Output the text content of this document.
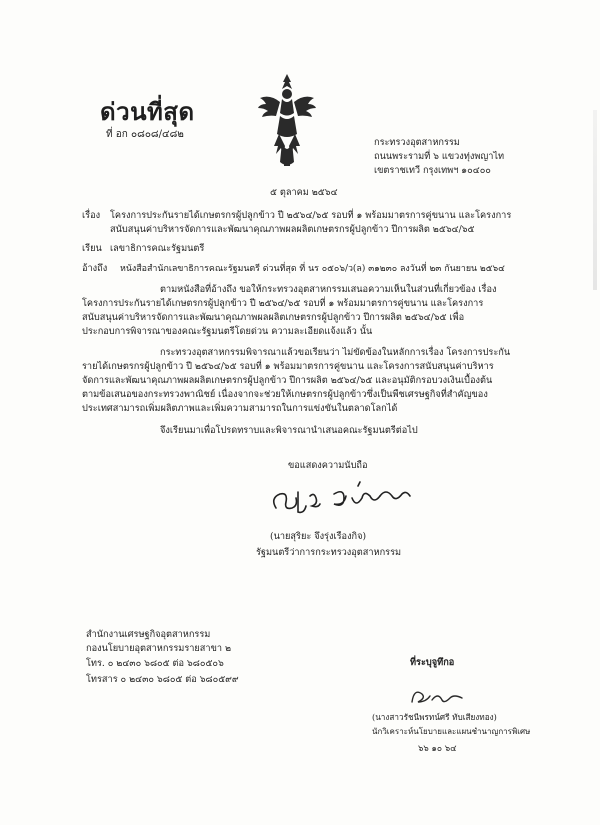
ด่วนที่สุด
ที่ อก ๐๘๐๘/๔๘๒
กระทรวงอุตสาหกรรม
ถนนพระรามที่ ๖ แขวงทุ่งพญาไท
เขตราชเทวี กรุงเทพฯ ๑๐๔๐๐
๕ ตุลาคม ๒๕๖๔
เรื่อง โครงการประกันรายได้เกษตรกรผู้ปลูกข้าว ปี ๒๕๖๔/๖๕ รอบที่ ๑ พร้อมมาตรการคู่ขนาน และโครงการ
สนับสนุนค่าบริหารจัดการและพัฒนาคุณภาพผลผลิตเกษตรกรผู้ปลูกข้าว ปีการผลิต ๒๕๖๔/๖๕
เรียน เลขาธิการคณะรัฐมนตรี
อ้างถึง หนังสือสำนักเลขาธิการคณะรัฐมนตรี ด่วนที่สุด ที่ นร ๐๕๐๖/ว(ล) ๓๑๒๓๐ ลงวันที่ ๒๓ กันยายน ๒๕๖๔
ตามหนังสือที่อ้างถึง ขอให้กระทรวงอุตสาหกรรมเสนอความเห็นในส่วนที่เกี่ยวข้อง เรื่อง
โครงการประกันรายได้เกษตรกรผู้ปลูกข้าว ปี ๒๕๖๔/๖๕ รอบที่ ๑ พร้อมมาตรการคู่ขนาน และโครงการ
สนับสนุนค่าบริหารจัดการและพัฒนาคุณภาพผลผลิตเกษตรกรผู้ปลูกข้าว ปีการผลิต ๒๕๖๔/๖๕ เพื่อ
ประกอบการพิจารณาของคณะรัฐมนตรีโดยด่วน ความละเอียดแจ้งแล้ว นั้น
กระทรวงอุตสาหกรรมพิจารณาแล้วขอเรียนว่า ไม่ขัดข้องในหลักการเรื่อง โครงการประกัน
รายได้เกษตรกรผู้ปลูกข้าว ปี ๒๕๖๔/๖๕ รอบที่ ๑ พร้อมมาตรการคู่ขนาน และโครงการสนับสนุนค่าบริหาร
จัดการและพัฒนาคุณภาพผลผลิตเกษตรกรผู้ปลูกข้าว ปีการผลิต ๒๕๖๔/๖๕ และอนุมัติกรอบวงเงินเบื้องต้น
ตามข้อเสนอของกระทรวงพาณิชย์ เนื่องจากจะช่วยให้เกษตรกรผู้ปลูกข้าวซึ่งเป็นพืชเศรษฐกิจที่สำคัญของ
ประเทศสามารถเพิ่มผลิตภาพและเพิ่มความสามารถในการแข่งขันในตลาดโลกได้
จึงเรียนมาเพื่อโปรดทราบและพิจารณานำเสนอคณะรัฐมนตรีต่อไป
ขอแสดงความนับถือ
(นายสุริยะ จึงรุ่งเรืองกิจ)
รัฐมนตรีว่าการกระทรวงอุตสาหกรรม
สำนักงานเศรษฐกิจอุตสาหกรรม
กองนโยบายอุตสาหกรรมรายสาขา ๒
โทร. ๐ ๒๔๓๐ ๖๘๐๕ ต่อ ๖๘๐๕๐๖
โทรสาร ๐ ๒๔๓๐ ๖๘๐๕ ต่อ ๖๘๐๕๙๙
ที่ระบุจูทึกอ
(นางสาวรัชนีพรทน์ศรี ทับเสียงทอง)
นักวิเคราะห์นโยบายและแผนชำนาญการพิเศษ
๖๖ ๑๐ ๖๔
